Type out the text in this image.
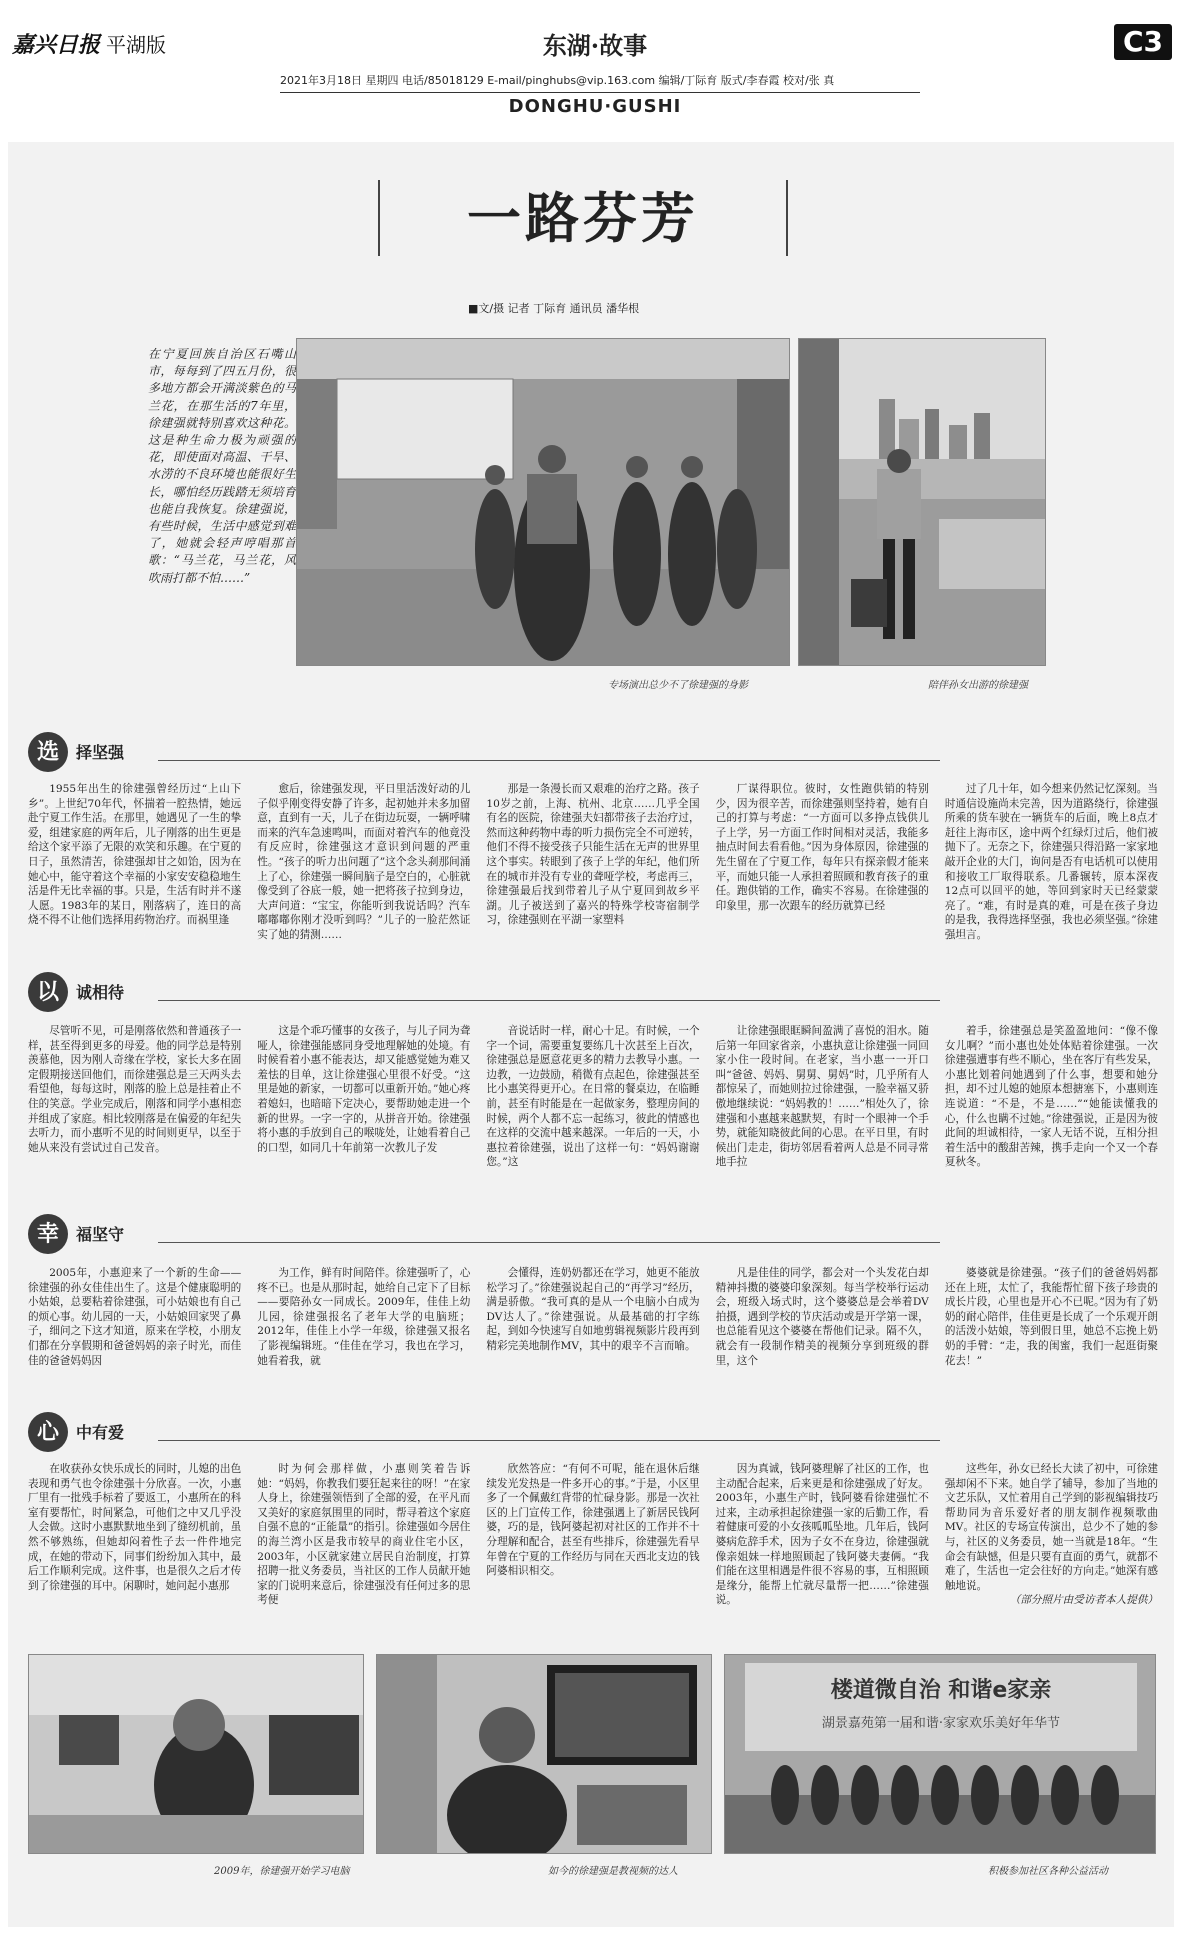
嘉兴日报 平湖版	东湖·故事	C3
2021年3月18日 星期四 电话/85018129 E-mail/pinghubs@vip.163.com 编辑/丁际育 版式/李春霞 校对/张 真
DONGHU·GUSHI
一路芬芳
■文/摄 记者 丁际育 通讯员 潘华根
在宁夏回族自治区石嘴山市，每每到了四五月份，很多地方都会开满淡紫色的马兰花，在那生活的7年里，徐建强就特别喜欢这种花。这是种生命力极为顽强的花，即使面对高温、干旱、水涝的不良环境也能很好生长，哪怕经历践踏无须培育也能自我恢复。徐建强说，有些时候，生活中感觉到难了，她就会轻声哼唱那首歌：“马兰花，马兰花，风吹雨打都不怕……”
专场演出总少不了徐建强的身影	陪伴孙女出游的徐建强
选	择坚强

1955年出生的徐建强曾经历过“上山下乡”。上世纪70年代，怀揣着一腔热情，她远赴宁夏工作生活。在那里，她遇见了一生的挚爱，组建家庭的两年后，儿子刚落的出生更是给这个家平添了无限的欢笑和乐趣。在宁夏的日子，虽然清苦，徐建强却甘之如饴，因为在她心中，能守着这个幸福的小家安安稳稳地生活是件无比幸福的事。只是，生活有时并不遂人愿。1983年的某日，刚落病了，连日的高烧不得不让他们选择用药物治疗。而祸里逢

愈后，徐建强发现，平日里活泼好动的儿子似乎刚变得安静了许多，起初她并未多加留意，直到有一天，儿子在街边玩耍，一辆呼啸而来的汽车急速鸣叫，而面对着汽车的他竟没有反应时，徐建强这才意识到问题的严重性。“孩子的听力出问题了”这个念头刹那间涌上了心，徐建强一瞬间脑子是空白的，心脏就像受到了谷底一般，她一把将孩子拉到身边，大声问道：“宝宝，你能听到我说话吗？汽车嘟嘟嘟你刚才没听到吗？”儿子的一脸茫然证实了她的猜测……

那是一条漫长而又艰难的治疗之路。孩子10岁之前，上海、杭州、北京……几乎全国有名的医院，徐建强夫妇都带孩子去治疗过，然而这种药物中毒的听力损伤完全不可逆转，他们不得不接受孩子只能生活在无声的世界里这个事实。转眼到了孩子上学的年纪，他们所在的城市并没有专业的聋哑学校，考虑再三，徐建强最后找到带着儿子从宁夏回到故乡平湖。儿子被送到了嘉兴的特殊学校寄宿制学习，徐建强则在平湖一家塑料

厂谋得职位。彼时，女性跑供销的特别少，因为很辛苦，而徐建强则坚持着，她有自己的打算与考虑：“一方面可以多挣点钱供儿子上学，另一方面工作时间相对灵活，我能多抽点时间去看看他。”因为身体原因，徐建强的先生留在了宁夏工作，每年只有探亲假才能来平，而她只能一人承担着照顾和教育孩子的重任。跑供销的工作，确实不容易。在徐建强的印象里，那一次跟车的经历就算已经

过了几十年，如今想来仍然记忆深刻。当时通信设施尚未完善，因为道路绕行，徐建强所乘的货车驶在一辆货车的后面，晚上8点才赶往上海市区，途中两个红绿灯过后，他们被抛下了。无奈之下，徐建强只得沿路一家家地敲开企业的大门，询问是否有电话机可以使用和接收工厂取得联系。几番辗转，原本深夜12点可以回平的她，等回到家时天已经蒙蒙亮了。“难，有时是真的难，可是在孩子身边的是我，我得选择坚强，我也必须坚强。”徐建强坦言。

以	诚相待

尽管听不见，可是刚落依然和普通孩子一样，甚至得到更多的母爱。他的同学总是特别羡慕他，因为刚人奇缘在学校，家长大多在固定假期接送回他们，而徐建强总是三天两头去看望他，每每这时，刚落的脸上总是挂着止不住的笑意。学业完成后，刚落和同学小惠相恋并组成了家庭。相比较刚落是在偏爱的年纪失去听力，而小惠听不见的时间则更早，以至于她从来没有尝试过自己发音。

这是个乖巧懂事的女孩子，与儿子同为聋哑人，徐建强能感同身受地理解她的处境。有时候看着小惠不能表达，却又能感觉她为难又羞怯的目单，这让徐建强心里很不好受。“这里是她的新家，一切都可以重新开始。”她心疼着媳妇，也暗暗下定决心，要帮助她走进一个新的世界。一字一字的，从拼音开始。徐建强将小惠的手放到自己的喉咙处，让她看着自己的口型，如同几十年前第一次教儿子发

音说话时一样，耐心十足。有时候，一个字一个词，需要重复要练几十次甚至上百次，徐建强总是愿意花更多的精力去教导小惠。一边教，一边鼓励，稍微有点起色，徐建强甚至比小惠笑得更开心。在日常的餐桌边，在临睡前，甚至有时能是在一起做家务，整理房间的时候，两个人都不忘一起练习，彼此的情感也在这样的交流中越来越深。一年后的一天，小惠拉着徐建强，说出了这样一句：“妈妈谢谢您。”这

让徐建强眼眶瞬间盈满了喜悦的泪水。随后第一年回家省亲，小惠执意让徐建强一同回家小住一段时间。在老家，当小惠一一开口叫“爸爸、妈妈、舅舅、舅妈”时，几乎所有人都惊呆了，而她则拉过徐建强，一脸幸福又骄傲地继续说：“妈妈教的！……”相处久了，徐建强和小惠越来越默契，有时一个眼神一个手势，就能知晓彼此间的心思。在平日里，有时候出门走走，街坊邻居看着两人总是不同寻常地手拉

着手，徐建强总是笑盈盈地问：“像不像女儿啊？”而小惠也处处体贴着徐建强。一次徐建强遭事有些不顺心，坐在客厅有些发呆，小惠比划着问她遇到了什么事，想要和她分担，却不过儿媳的她原本想搪塞下，小惠则连连说道：“不是，不是……”“她能读懂我的心，什么也瞒不过她。”徐建强说，正是因为彼此间的坦诚相待，一家人无话不说，互相分担着生活中的酸甜苦辣，携手走向一个又一个春夏秋冬。

幸	福坚守

2005年，小惠迎来了一个新的生命——徐建强的孙女佳佳出生了。这是个健康聪明的小姑娘，总要粘着徐建强，可小姑娘也有自己的烦心事。幼儿园的一天，小姑娘回家哭了鼻子，细问之下这才知道，原来在学校，小朋友们都在分享假期和爸爸妈妈的亲子时光，而佳佳的爸爸妈妈因

为工作，鲜有时间陪伴。徐建强听了，心疼不已。也是从那时起，她给自己定下了目标——要陪孙女一同成长。2009年，佳佳上幼儿园，徐建强报名了老年大学的电脑班；2012年，佳佳上小学一年级，徐建强又报名了影视编辑班。“佳佳在学习，我也在学习，她看着我，就

会懂得，连奶奶都还在学习，她更不能放松学习了。”徐建强说起自己的“再学习”经历，满是骄傲。“我可真的是从一个电脑小白成为DV达人了。”徐建强说。从最基础的打字练起，到如今快速写自如地剪辑视频影片段再到精彩完美地制作MV，其中的艰辛不言而喻。

凡是佳佳的同学，都会对一个头发花白却精神抖擞的婆婆印象深刻。每当学校举行运动会，班级入场式时，这个婆婆总是会举着DV拍摄，遇到学校的节庆活动或是开学第一课，也总能看见这个婆婆在帮他们记录。隔不久，就会有一段制作精美的视频分享到班级的群里，这个

婆婆就是徐建强。“孩子们的爸爸妈妈都还在上班，太忙了，我能帮忙留下孩子珍贵的成长片段，心里也是开心不已呢。”因为有了奶奶的耐心陪伴，佳佳更是长成了一个乐观开朗的活泼小姑娘，等到假日里，她总不忘挽上奶奶的手臂：“走，我的闺蜜，我们一起逛街聚花去！”

心	中有爱

在收获孙女快乐成长的同时，儿媳的出色表现和勇气也令徐建强十分欣喜。一次，小惠厂里有一批残手标着了要返工，小惠所在的科室有要帮忙，时间紧急，可他们之中又几乎没人会做。这时小惠默默地坐到了缝纫机前，虽然不够熟练，但她却闷着性子去一件件地完成，在她的带动下，同事们纷纷加入其中，最后工作顺利完成。这件事，也是很久之后才传到了徐建强的耳中。闲聊时，她问起小惠那

时为何会那样做，小惠则笑着告诉她：“妈妈，你教我们要狂起来往的呀！”在家人身上，徐建强领悟到了全部的爱，在平凡而又美好的家庭氛围里的同时，帮寻着这个家庭自强不息的“正能量”的指引。徐建强如今居住的海兰湾小区是我市较早的商业住宅小区，2003年，小区就家建立居民自治制度，打算招聘一批义务委员，当社区的工作人员献开她家的门说明来意后，徐建强没有任何过多的思考便

欣然答应：“有何不可呢，能在退休后继续发光发热是一件多开心的事。”于是，小区里多了一个佩戴红背带的忙碌身影。那是一次社区的上门宣传工作，徐建强遇上了新居民钱阿婆，巧的是，钱阿婆起初对社区的工作并不十分理解和配合，甚至有些排斥，徐建强先看早年曾在宁夏的工作经历与同在天西北支边的钱阿婆相识相交。

因为真诚，钱阿婆理解了社区的工作，也主动配合起来，后来更是和徐建强成了好友。2003年，小惠生产时，钱阿婆看徐建强忙不过来，主动承担起徐建强一家的后勤工作，看着健康可爱的小女孩呱呱坠地。几年后，钱阿婆病危辞手术，因为子女不在身边，徐建强就像亲姐妹一样地照顾起了钱阿婆夫妻俩。“我们能在这里相遇是件很不容易的事，互相照顾是缘分，能帮上忙就尽量帮一把……”徐建强说。

这些年，孙女已经长大读了初中，可徐建强却闲不下来。她自学了辅导，参加了当地的文艺乐队，又忙着用自己学到的影视编辑技巧帮助同为音乐爱好者的朋友制作视频歌曲MV。社区的专场宣传演出，总少不了她的参与，社区的义务委员，她一当就是18年。“生命会有缺憾，但是只要有直面的勇气，就都不难了，生活也一定会往好的方向走。”她深有感触地说。
（部分照片由受访者本人提供）

2009年，徐建强开始学习电脑	如今的徐建强是教视频的达人
楼道微自治 和谐e家亲
湖景嘉苑第一届和谐·家家欢乐美好年华节
积极参加社区各种公益活动
